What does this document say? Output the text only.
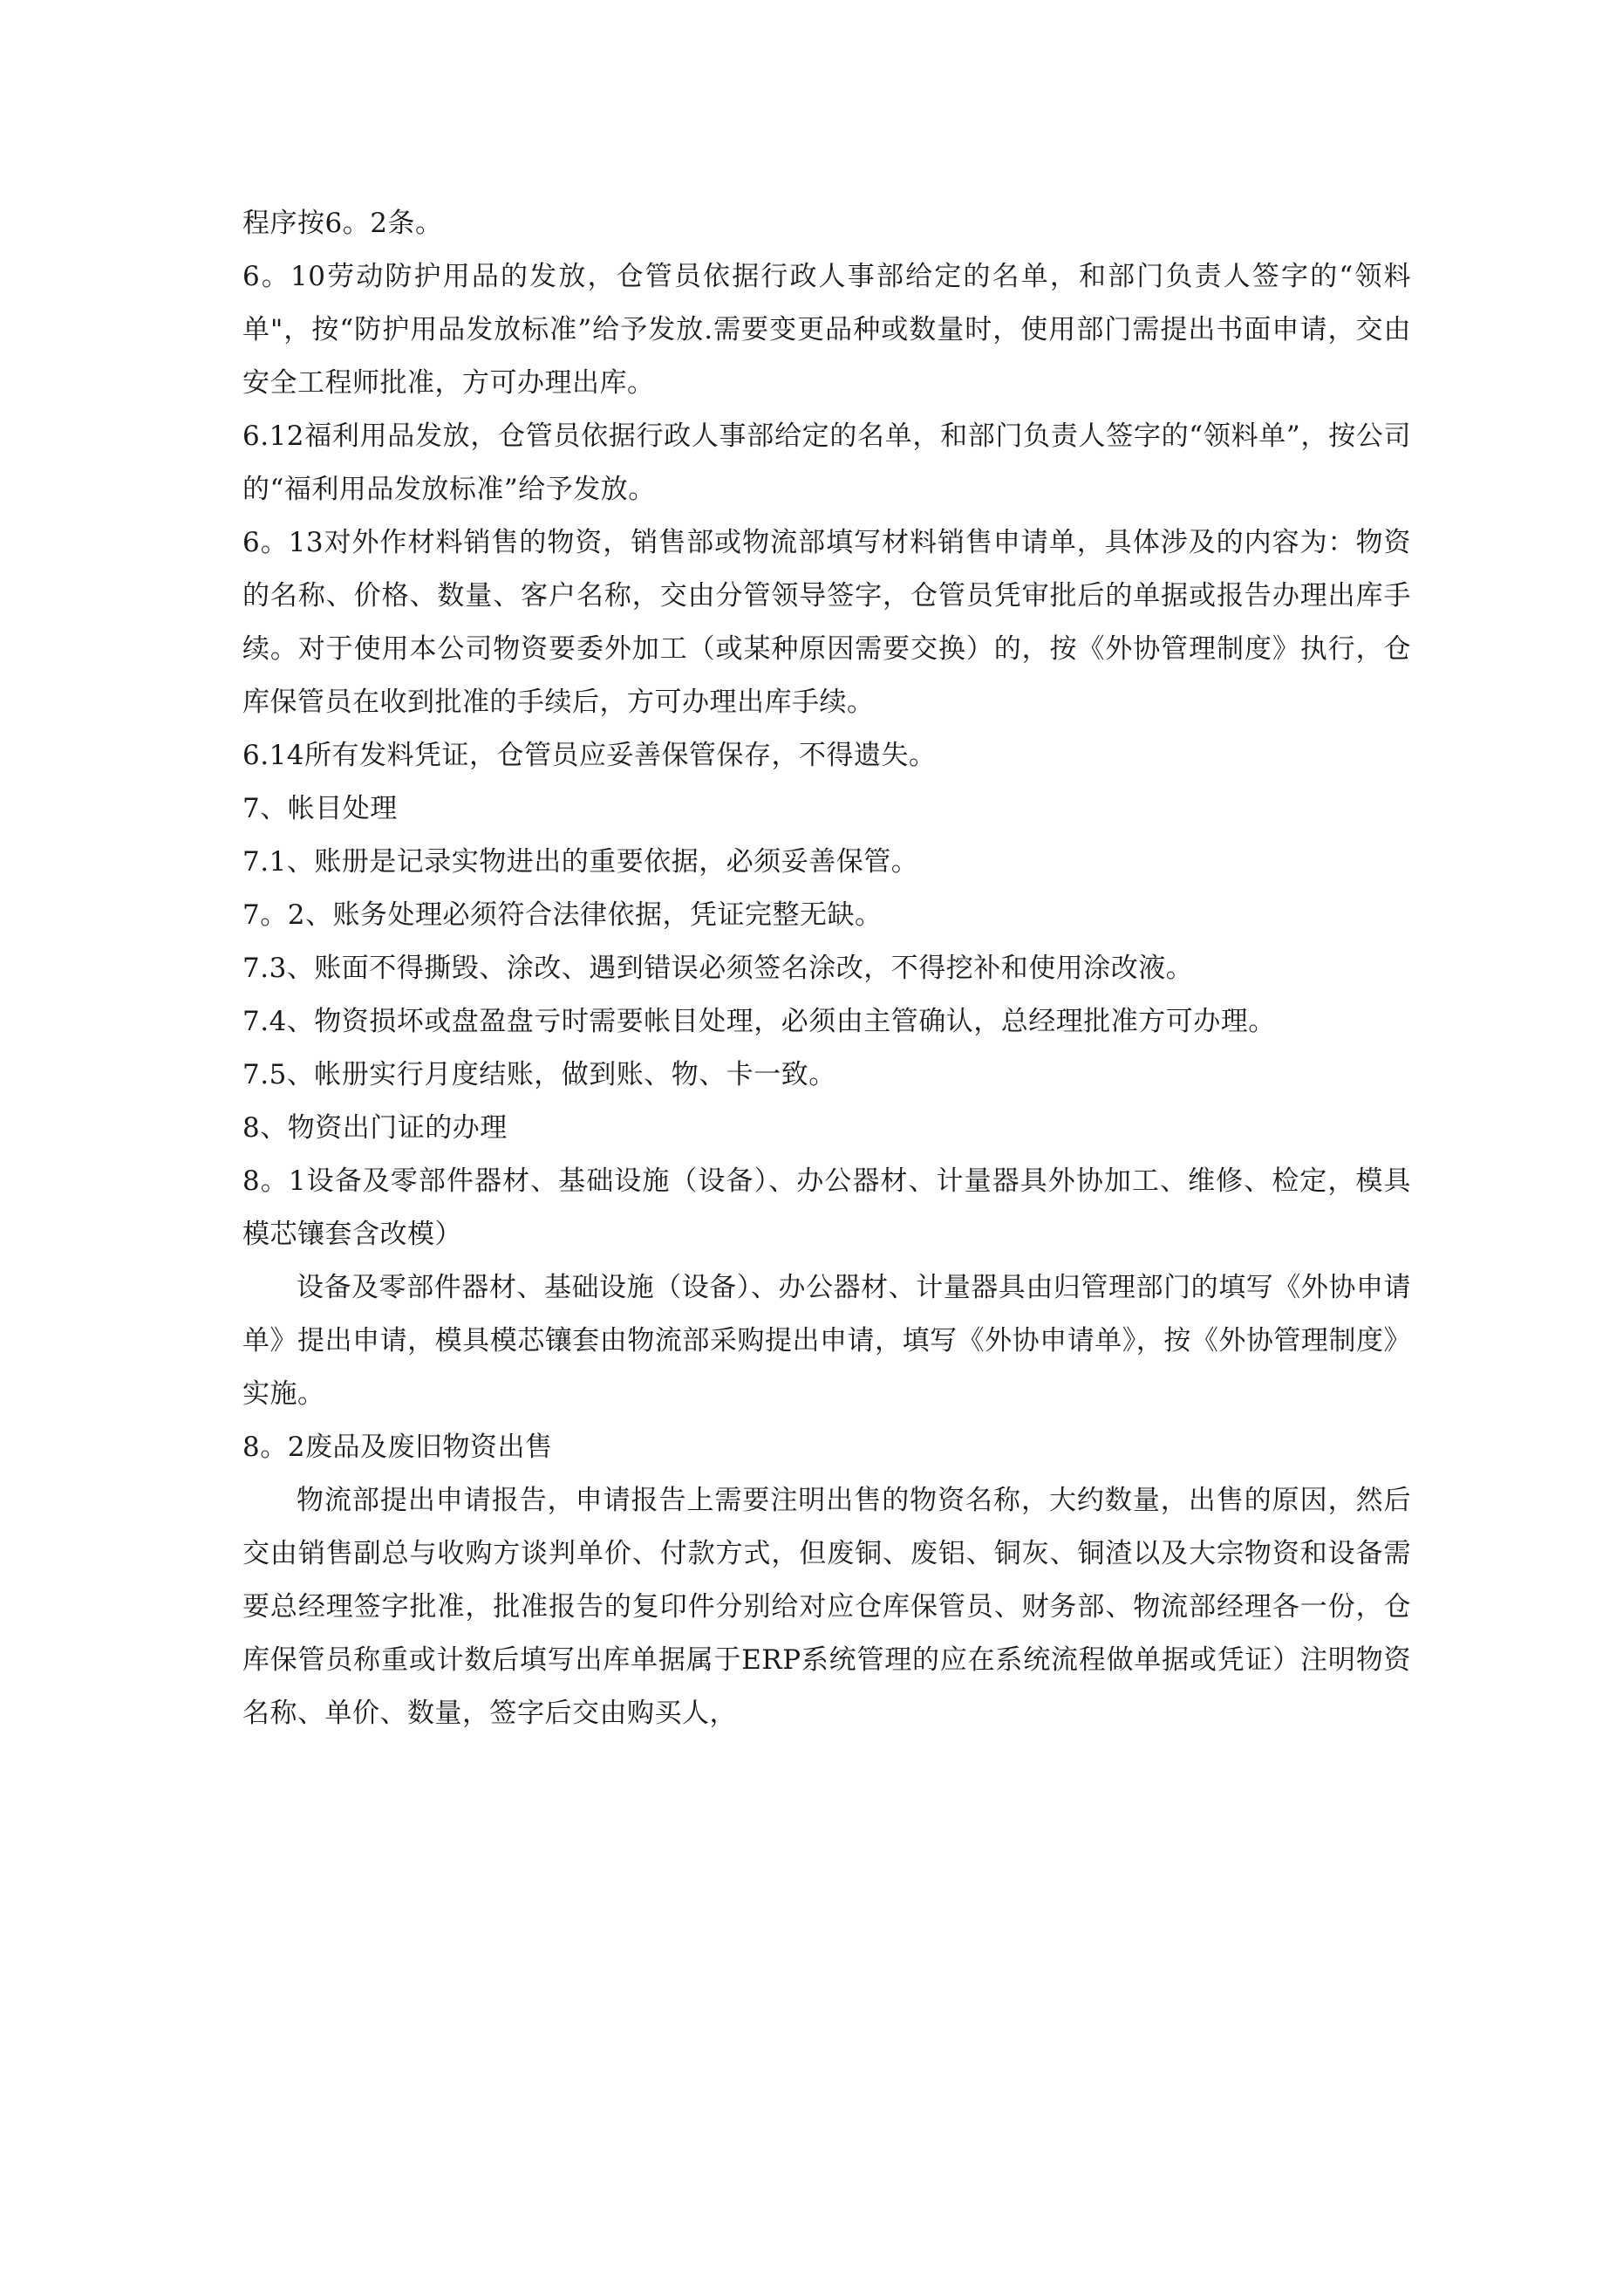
程序按6。2条。

6。10劳动防护用品的发放，仓管员依据行政人事部给定的名单，和部门负责人签字的“领料单"，按“防护用品发放标准”给予发放.需要变更品种或数量时，使用部门需提出书面申请，交由安全工程师批准，方可办理出库。

6.12福利用品发放，仓管员依据行政人事部给定的名单，和部门负责人签字的“领料单”，按公司的“福利用品发放标准”给予发放。

6。13对外作材料销售的物资，销售部或物流部填写材料销售申请单，具体涉及的内容为：物资的名称、价格、数量、客户名称，交由分管领导签字，仓管员凭审批后的单据或报告办理出库手续。对于使用本公司物资要委外加工（或某种原因需要交换）的，按《外协管理制度》执行，仓库保管员在收到批准的手续后，方可办理出库手续。

6.14所有发料凭证，仓管员应妥善保管保存，不得遗失。

7、帐目处理

7.1、账册是记录实物进出的重要依据，必须妥善保管。

7。2、账务处理必须符合法律依据，凭证完整无缺。

7.3、账面不得撕毁、涂改、遇到错误必须签名涂改，不得挖补和使用涂改液。

7.4、物资损坏或盘盈盘亏时需要帐目处理，必须由主管确认，总经理批准方可办理。

7.5、帐册实行月度结账，做到账、物、卡一致。

8、物资出门证的办理

8。1设备及零部件器材、基础设施（设备）、办公器材、计量器具外协加工、维修、检定，模具模芯镶套含改模）

设备及零部件器材、基础设施（设备）、办公器材、计量器具由归管理部门的填写《外协申请单》提出申请，模具模芯镶套由物流部采购提出申请，填写《外协申请单》，按《外协管理制度》实施。

8。2废品及废旧物资出售

物流部提出申请报告，申请报告上需要注明出售的物资名称，大约数量，出售的原因，然后交由销售副总与收购方谈判单价、付款方式，但废铜、废铝、铜灰、铜渣以及大宗物资和设备需要总经理签字批准，批准报告的复印件分别给对应仓库保管员、财务部、物流部经理各一份，仓库保管员称重或计数后填写出库单据属于ERP系统管理的应在系统流程做单据或凭证）注明物资名称、单价、数量，签字后交由购买人，
